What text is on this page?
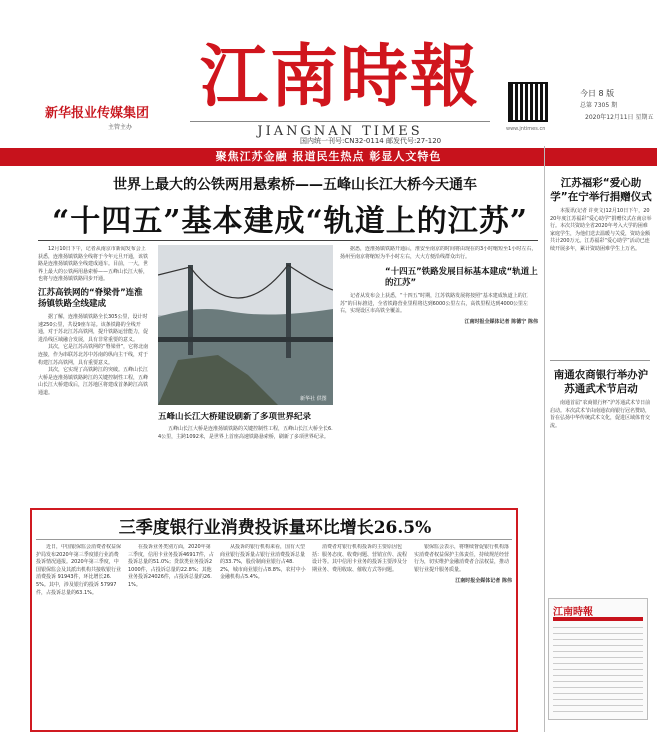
新华报业传媒集团
主管主办
江南時報
JIANGNAN TIMES	www.jntimes.cn
今日 8 版
总第 7305 期
2020年12月11日 星期五
国内统一刊号:CN32-0114 邮发代号:27-120
聚焦江苏金融 报道民生热点 彰显人文特色
世界上最大的公铁两用悬索桥——五峰山长江大桥今天通车
“十四五”基本建成“轨道上的江苏”

12月10日下午，记者从南京市新闻发布会上获悉，连淮扬镇铁路全线将于今年元旦开通，该铁路是连淮扬镇铁路全线建成通车。目前，一大，世界上最大的公铁两用悬索桥——五峰山长江大桥，也将与连淮扬镇铁路同步开通。

江苏高铁网的“脊梁骨”连淮扬镇铁路全线建成

据了解，连淮扬镇铁路全长305公里，设计时速250公里，共设9座车站。该条铁路的全线开通，对于苏北江苏高铁网，提升铁路运营能力，促进沿线区域融合发展，具有非常重要的意义。

其次，它是江苏高铁网的“脊梁骨”，它将北南连接，作为串联苏北苏中苏南的纵向主干线，对于构建江苏高铁网，具有重要意义。

其次，它实现了高铁跨江的突破。五峰山长江大桥是连淮扬镇铁路跨江的关键控制性工程，五峰山长江大桥建成后，江苏地区将建成首条跨江高铁通道。

新华社 供图

五峰山长江大桥建设刷新了多项世界纪录

五峰山长江大桥是连淮扬镇铁路的关键控制性工程，五峰山长江大桥全长6.4公里，主跨1092米，是世界上首座高速铁路悬索桥，刷新了多项世界纪录。

据悉，连淮扬镇铁路开通后，淮安至南京的时间将由现在的3小时缩短至1小时左右，扬州至南京将缩短为半小时左右，大大方便沿线群众出行。

“十四五”铁路发展目标基本建成“轨道上的江苏”

记者从发布会上获悉，“十四五”时期，江苏铁路发展将按照“基本建成轨道上的江苏”的目标推进，全省铁路营业里程将达到6000公里左右，高铁里程达到4000公里左右，实现设区市高铁全覆盖。

江南时报全媒体记者 陈德宁 陈伟

三季度银行业消费投诉量环比增长26.5%

近日，中国银保监会消费者权益保护局发布2020年第三季度银行业消费投诉情况通报。2020年第三季度，中国银保监会及其派出机构共接收银行业消费投诉 91943件，环比增长26.5%。其中，涉及银行的投诉 57997件，占投诉总量的63.1%。

在投诉业务类别方面，2020年第三季度，信用卡业务投诉46917件，占投诉总量的51.0%；贷款类业务投诉21000件，占投诉总量的22.8%；其他业务投诉24026件，占投诉总量的26.1%。

从投诉的银行机构来看，国有大型商业银行投诉量占银行业消费投诉总量的33.7%，股份制商业银行占48.2%，城市商业银行占8.8%，农村中小金融机构占5.4%。

消费者对银行机构投诉的主要原因包括：服务态度、收费问题、营销宣传、流程设计等。其中信用卡业务的投诉主要涉及分期业务、费用收取、催收方式等问题。

银保监会表示，将继续督促银行机构落实消费者权益保护主体责任，持续规范经营行为，切实维护金融消费者合法权益，推动银行业提升服务质量。

江南时报全媒体记者 陈伟

江苏福彩“爱心助学”在宁举行捐赠仪式

本报讯(记者 许奕文)12月10日下午，2020年度江苏福彩“爱心助学”捐赠仪式在南京举行。本次共资助全省2020年考入大学的困难家庭学生，为他们送去温暖与关爱，资助金额共计200万元。江苏福彩“爱心助学”活动已连续开展多年，累计资助困难学生上万名。

南通农商银行举办沪苏通武术节启动

南通首届“农商银行杯”沪苏通武术节日前启动。本次武术节由南通农商银行冠名赞助，旨在弘扬中华传统武术文化，促进区域体育交流。

江南時報
